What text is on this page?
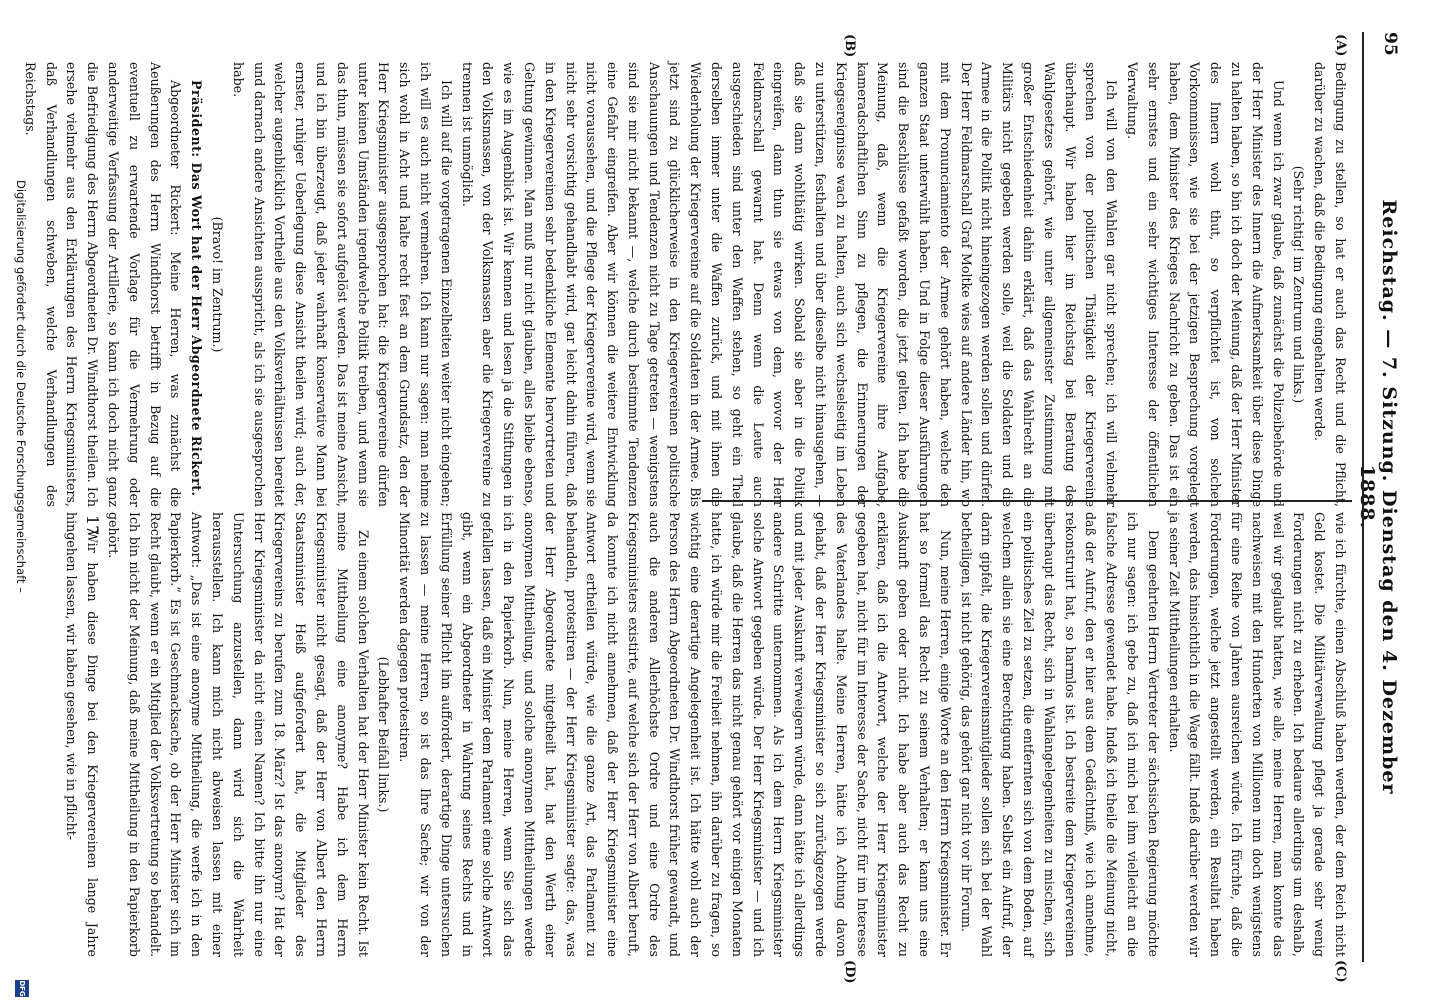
95
Reichstag. — 7. Sitzung. Dienstag den 4. Dezember 1888.
(A)
(B)
(C)
(D)

Bedingung zu stellen, so hat er auch das Recht und die Pflicht, darüber zu wachen, daß die Bedingung eingehalten werde.

(Sehr richtig! im Zentrum und links.)

Und wenn ich zwar glaube, daß zunächst die Polizeibehörde und der Herr Minister des Innern die Aufmerksamkeit über diese Dinge zu halten haben, so bin ich doch der Meinung, daß der Herr Minister des Innern wohl thut, so verpflichtet ist, von solchen Vorkommnissen, wie sie bei der jetzigen Besprechung vorgelegt haben, dem Minister des Krieges Nachricht zu geben. Das ist ein sehr ernstes und ein sehr wichtiges Interesse der öffentlichen Verwaltung.

Ich will von den Wahlen gar nicht sprechen; ich will vielmehr sprechen von der politischen Thätigkeit der Kriegervereine überhaupt. Wir haben hier im Reichstag bei Beratung des Wahlgesetzes gehört, wie unter allgemeinster Zustimmung mit großer Entschiedenheit dahin erklärt, daß das Wahlrecht an die Militärs nicht gegeben werden solle, weil die Soldaten und die Armee in die Politik nicht hineingezogen werden sollen und dürfen. Der Herr Feldmarschall Graf Moltke wies auf andere Länder hin, wo mit dem Pronunciamiento der Armee gehört haben, welche den ganzen Staat unterwühlt haben. Und in Folge dieser Ausführungen sind die Beschlüsse gefaßt worden, die jetzt gelten. Ich habe die Meinung, daß, wenn die Kriegervereine ihre Aufgabe, kameradschaftlichen Sinn zu pflegen, die Erinnerungen der Kriegsereignisse wach zu halten, auch sich wechselseitig im Leben zu unterstützen, festhalten und über dieselbe nicht hinausgehen, — daß sie dann wohlthätig wirken. Sobald sie aber in die Politik eingreifen, dann thun sie etwas von dem, wovor der Herr Feldmarschall gewarnt hat. Denn wenn die Leute auch ausgeschieden sind unter den Waffen stehen, so geht ein Theil derselben immer unter die Waffen zurück, und mit ihnen die Wiederholung der Kriegervereine auf die Soldaten in der Armee. Bis jetzt sind zu glücklicherweise in den Kriegervereinen politische Anschauungen und Tendenzen nicht zu Tage getreten — wenigstens sind sie mir nicht bekannt —, welche durch bestimmte Tendenzen eine Gefahr eingreifen. Aber wir können die weitere Entwicklung nicht voraussehen, und die Pflege der Kriegervereine wird, wenn sie nicht sehr vorsichtig gehandhabt wird, gar leicht dahin führen, daß in den Kriegervereinen sehr bedenkliche Elemente hervortreten und Geltung gewinnen. Man muß nur nicht glauben, alles bleibe ebenso, wie es im Augenblick ist. Wir kennen und lesen ja die Stiftungen in den Volksmassen, von der Volksmassen aber die Kriegervereine zu trennen ist unmöglich.

Ich will auf die vorgetragenen Einzelheiten weiter nicht eingehen; ich will es auch nicht vermehren. Ich kann nur sagen: man nehme sich wohl in Acht und halte recht fest an dem Grundsatz, den der Herr Kriegsminister ausgesprochen hat: die Kriegervereine dürfen unter keinen Umständen irgendwelche Politik treiben, und wenn sie das thun, müssen sie sofort aufgelöst werden. Das ist meine Ansicht, und ich bin überzeugt, daß jeder wahrhaft konservative Mann bei ernster, ruhiger Ueberlegung diese Ansicht theilen wird; auch der, welcher augenblicklich Vortheile aus den Volksverhältnissen bereitet und darnach andere Ansichten ausspricht, als ich sie ausgesprochen habe.

(Bravo! im Zentrum.)

Präsident: Das Wort hat der Herr Abgeordnete Rickert.

Abgeordneter Rickert: Meine Herren, was zunächst die Aeußerungen des Herrn Windthorst betrifft in Bezug auf die eventuell zu erwartende Vorlage für die Vermehrung oder anderweitige Verfassung der Artillerie, so kann ich doch nicht ganz die Befriedigung des Herrn Abgeordneten Dr. Windthorst theilen. Ich ersehe vielmehr aus den Erklärungen des Herrn Kriegsministers, daß Verhandlungen schweben, welche Verhandlungen des Reichstags.

wie ich fürchte, einen Abschluß haben werden, der dem Reich nicht Geld kostet. Die Militärverwaltung pflegt ja gerade sehr wenig Forderungen nicht zu erheben. Ich bedaure allerdings um deshalb, weil wir geglaubt hatten, wie alle, meine Herren, man konnte das nachweisen mit den Hunderten von Millionen nun doch wenigstens für eine Reihe von Jahren ausreichen würde. Ich fürchte, daß die Forderungen, welche jetzt angestellt werden, ein Resultat haben werden, das hinsichtlich in die Wage fällt. Indeß darüber werden wir ja seiner Zeit Mittheilungen erhalten.

Dem geehrten Herrn Vertreter der sächsischen Regierung möchte ich nur sagen: ich gebe zu, daß ich mich bei ihm vielleicht an die falsche Adresse gewendet habe. Indeß ich theile die Meinung nicht, daß der Aufruf, den er hier aus dem Gedächtniß, wie ich annehme, rekonstruirt hat, so harmlos ist. Ich bestreite dem Kriegervereinen überhaupt das Recht, sich in Wahlangelegenheiten zu mischen, sich ein politisches Ziel zu setzen, die entfernten sich von dem Boden, auf welchem allein sie eine Berechtigung haben. Selbst ein Aufruf, der darin gipfelt, die Kriegervereinsmitglieder sollen sich bei der Wahl betheiligen, ist nicht gehörig, das gehört gar nicht vor ihr Forum.

Nun, meine Herren, einige Worte an den Herrn Kriegsminister. Er hat so formell das Recht zu seinem Verhalten; er kann uns eine Auskunft geben oder nicht. Ich habe aber auch das Recht zu erklären, daß ich die Antwort, welche der Herr Kriegsminister gegeben hat, nicht für im Interesse der Sache, nicht für im Interesse des Vaterlandes halte. Meine Herren, hätte ich Achtung davon gehabt, daß der Herr Kriegsminister so sich zurückgezogen werde und mit jeder Auskunft verweigern würde, dann hätte ich allerdings andere Schritte unternommen. Als ich dem Herrn Kriegsminister solche Antwort gegeben würde. Der Herr Kriegsminister — und ich glaube, daß die Herren das nicht genau gehört vor einigen Monaten hatte, ich würde mir die Freiheit nehmen, ihn darüber zu fragen, so wichtig eine derartige Angelegenheit ist. Ich hätte wohl auch der Person des Herrn Abgeordneten Dr. Windthorst früher gewandt, und auch die anderen Allerhöchste Ordre und eine Ordre des Kriegsministers existirte, auf welche sich der Herr von Albert beruft, da konnte ich nicht annehmen, daß der Herr Kriegsminister eine Antwort ertheilen würde, wie die ganze Art, das Parlament zu behandeln, protestiren — der Herr Kriegsminister sagte: das, was der Herr Abgeordnete mitgetheilt hat, hat den Werth einer anonymen Mittheilung, und solche anonymen Mittheilungen werde ich in den Papierkorb. Nun, meine Herren, wenn Sie sich das gefallen lassen, daß ein Minister dem Parlament eine solche Antwort gibt, wenn ein Abgeordneter in Wahrung seines Rechts und in Erfüllung seiner Pflicht ihn auffordert, derartige Dinge untersuchen zu lassen — meine Herren, so ist das Ihre Sache; wir von der Minorität werden dagegen protestiren.

(Lebhafter Beifall links.)

Zu einem solchen Verhalten hat der Herr Minister kein Recht. Ist meine Mittheilung eine anonyme? Habe ich dem Herrn Kriegsminister nicht gesagt, daß der Herr von Albert den Herrn Staatsminister Heiß aufgefordert hat, die Mitglieder des Kriegervereins zu berufen zum 18. März? Ist das anonym? Hat der Herr Kriegsminister da nicht einen Namen? Ich bitte ihn nur eine Untersuchung anzustellen, dann wird sich die Wahrheit herausstellen. Ich kann mich nicht abweisen lassen mit einer Antwort: „Das ist eine anonyme Mittheilung, die werfe ich in den Papierkorb.“ Es ist Geschmacksache, ob der Herr Minister sich im Recht glaubt, wenn er ein Mitglied der Volksvertretung so behandelt. Ich bin nicht der Meinung, daß meine Mittheilung in den Papierkorb gehört.

Wir haben diese Dinge bei den Kriegervereinen lange Jahre hingehen lassen, wir haben gesehen, wie in pflicht- 17
Digitalisierung gefördert durch die Deutsche Forschungsgemeinschaft –
DFG
